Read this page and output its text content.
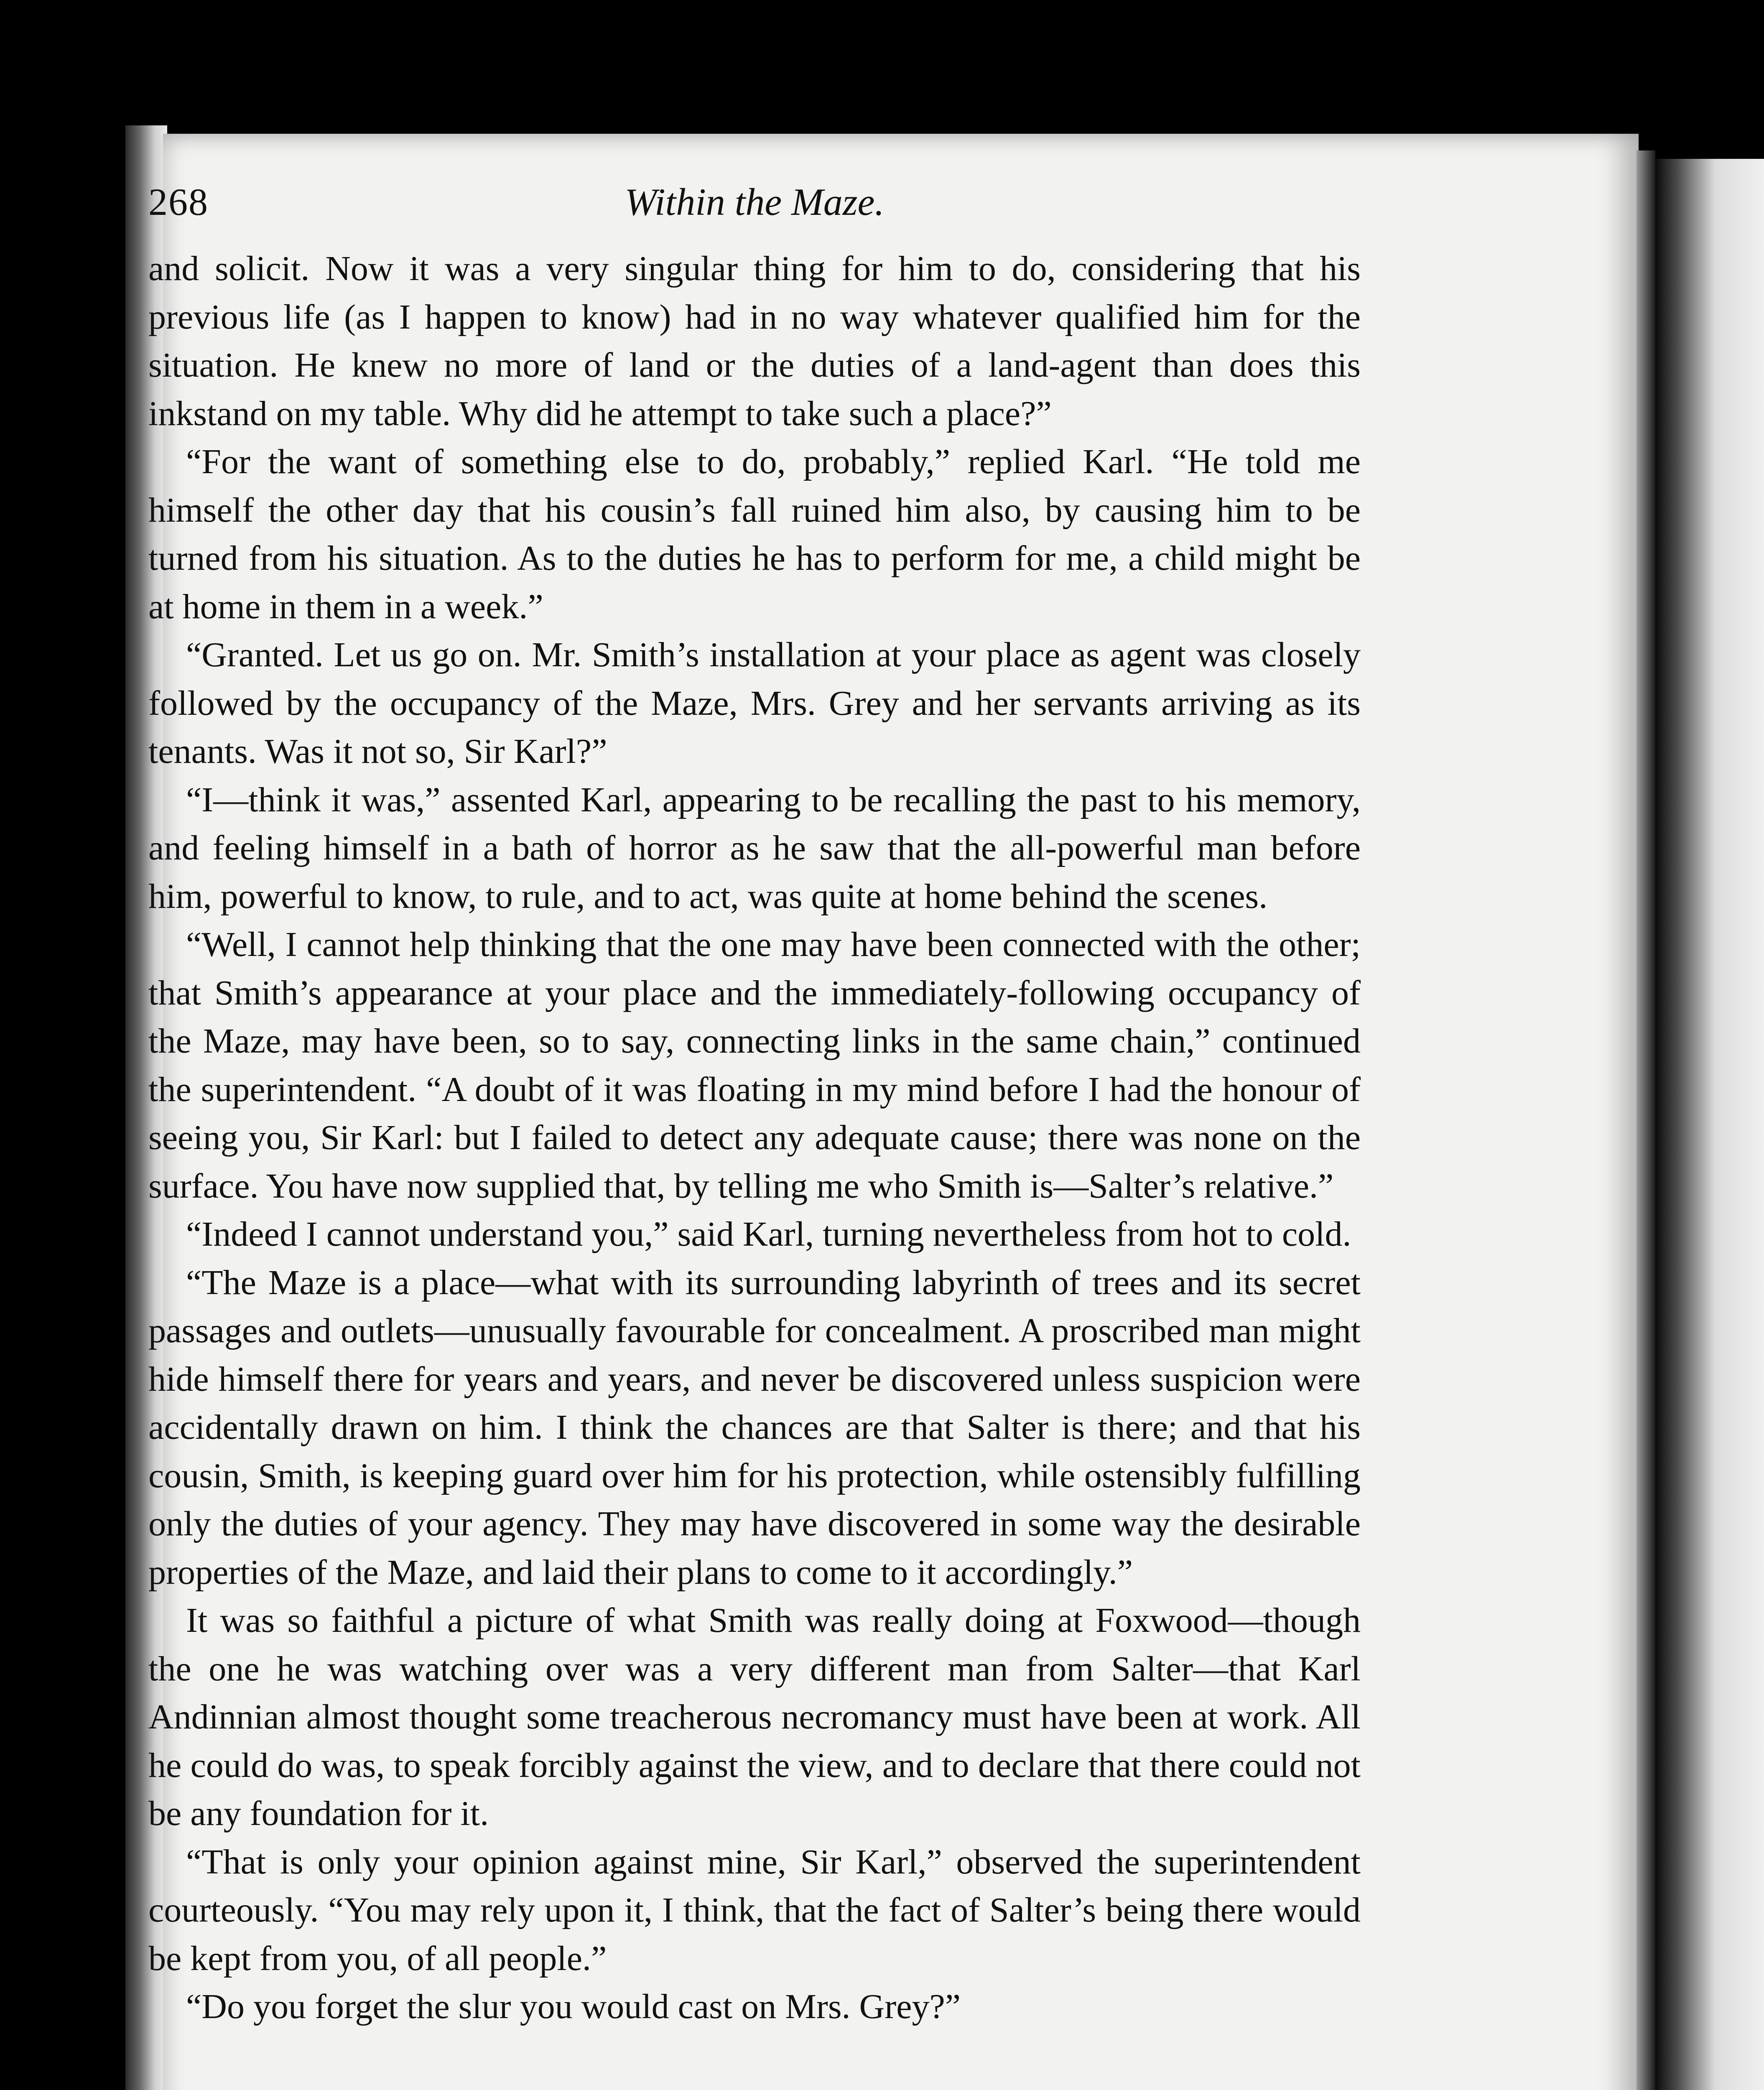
268	Within the Maze.

and solicit. Now it was a very singular thing for him to do, considering that his previous life (as I happen to know) had in no way whatever qualified him for the situation. He knew no more of land or the duties of a land-agent than does this inkstand on my table. Why did he attempt to take such a place?”

“For the want of something else to do, probably,” replied Karl. “He told me himself the other day that his cousin’s fall ruined him also, by causing him to be turned from his situation. As to the duties he has to perform for me, a child might be at home in them in a week.”

“Granted. Let us go on. Mr. Smith’s installation at your place as agent was closely followed by the occupancy of the Maze, Mrs. Grey and her servants arriving as its tenants. Was it not so, Sir Karl?”

“I—think it was,” assented Karl, appearing to be recalling the past to his memory, and feeling himself in a bath of horror as he saw that the all-powerful man before him, powerful to know, to rule, and to act, was quite at home behind the scenes.

“Well, I cannot help thinking that the one may have been connected with the other; that Smith’s appearance at your place and the immediately-following occupancy of the Maze, may have been, so to say, connecting links in the same chain,” continued the superintendent. “A doubt of it was floating in my mind before I had the honour of seeing you, Sir Karl: but I failed to detect any adequate cause; there was none on the surface. You have now supplied that, by telling me who Smith is—Salter’s relative.”

“Indeed I cannot understand you,” said Karl, turning nevertheless from hot to cold.

“The Maze is a place—what with its surrounding labyrinth of trees and its secret passages and outlets—unusually favourable for concealment. A proscribed man might hide himself there for years and years, and never be discovered unless suspicion were accidentally drawn on him. I think the chances are that Salter is there; and that his cousin, Smith, is keeping guard over him for his protection, while ostensibly fulfilling only the duties of your agency. They may have discovered in some way the desirable properties of the Maze, and laid their plans to come to it accordingly.”

It was so faithful a picture of what Smith was really doing at Foxwood—though the one he was watching over was a very different man from Salter—that Karl Andinnian almost thought some treacherous necromancy must have been at work. All he could do was, to speak forcibly against the view, and to declare that there could not be any foundation for it.

“That is only your opinion against mine, Sir Karl,” observed the superintendent courteously. “You may rely upon it, I think, that the fact of Salter’s being there would be kept from you, of all people.”

“Do you forget the slur you would cast on Mrs. Grey?”
